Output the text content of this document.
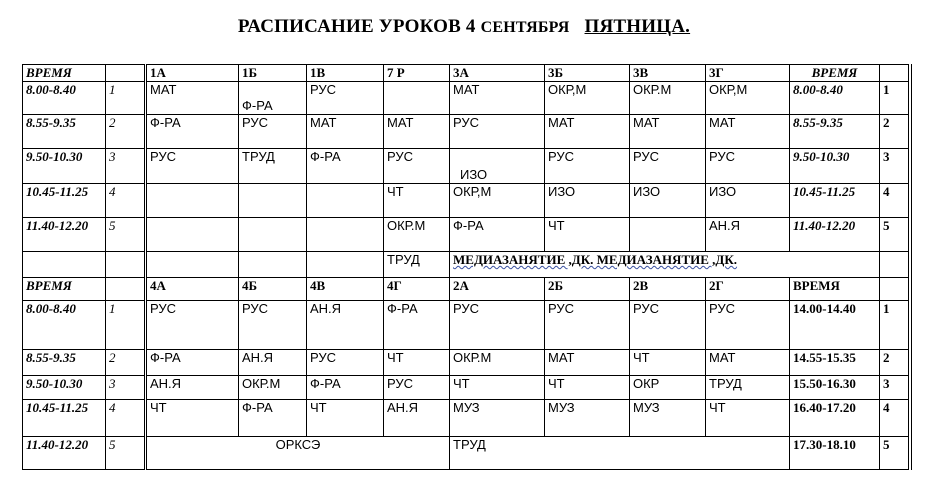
РАСПИСАНИЕ УРОКОВ 4 СЕНТЯБРЯ ПЯТНИЦА.
ВРЕМЯ		1А	1Б	1В	7 Р	3А	3Б	3В	3Г	ВРЕМЯ	
8.00-8.40	1	МАТ	Ф-РА	РУС		МАТ	ОКР,М	ОКР.М	ОКР,М	8.00-8.40	1
8.55-9.35	2	Ф-РА	РУС	МАТ	МАТ	РУС	МАТ	МАТ	МАТ	8.55-9.35	2
9.50-10.30	3	РУС	ТРУД	Ф-РА	РУС	ИЗО	РУС	РУС	РУС	9.50-10.30	3
10.45-11.25	4				ЧТ	ОКР,М	ИЗО	ИЗО	ИЗО	10.45-11.25	4
11.40-12.20	5				ОКР.М	Ф-РА	ЧТ		АН.Я	11.40-12.20	5
					ТРУД	МЕДИАЗАНЯТИЕ ,ДК. МЕДИАЗАНЯТИЕ ,ДК.					
ВРЕМЯ		4А	4Б	4В	4Г	2А	2Б	2В	2Г	ВРЕМЯ	
8.00-8.40	1	РУС	РУС	АН.Я	Ф-РА	РУС	РУС	РУС	РУС	14.00-14.40	1
8.55-9.35	2	Ф-РА	АН.Я	РУС	ЧТ	ОКР.М	МАТ	ЧТ	МАТ	14.55-15.35	2
9.50-10.30	3	АН.Я	ОКР.М	Ф-РА	РУС	ЧТ	ЧТ	ОКР	ТРУД	15.50-16.30	3
10.45-11.25	4	ЧТ	Ф-РА	ЧТ	АН.Я	МУЗ	МУЗ	МУЗ	ЧТ	16.40-17.20	4
11.40-12.20	5	ОРКСЭ				ТРУД				17.30-18.10	5
